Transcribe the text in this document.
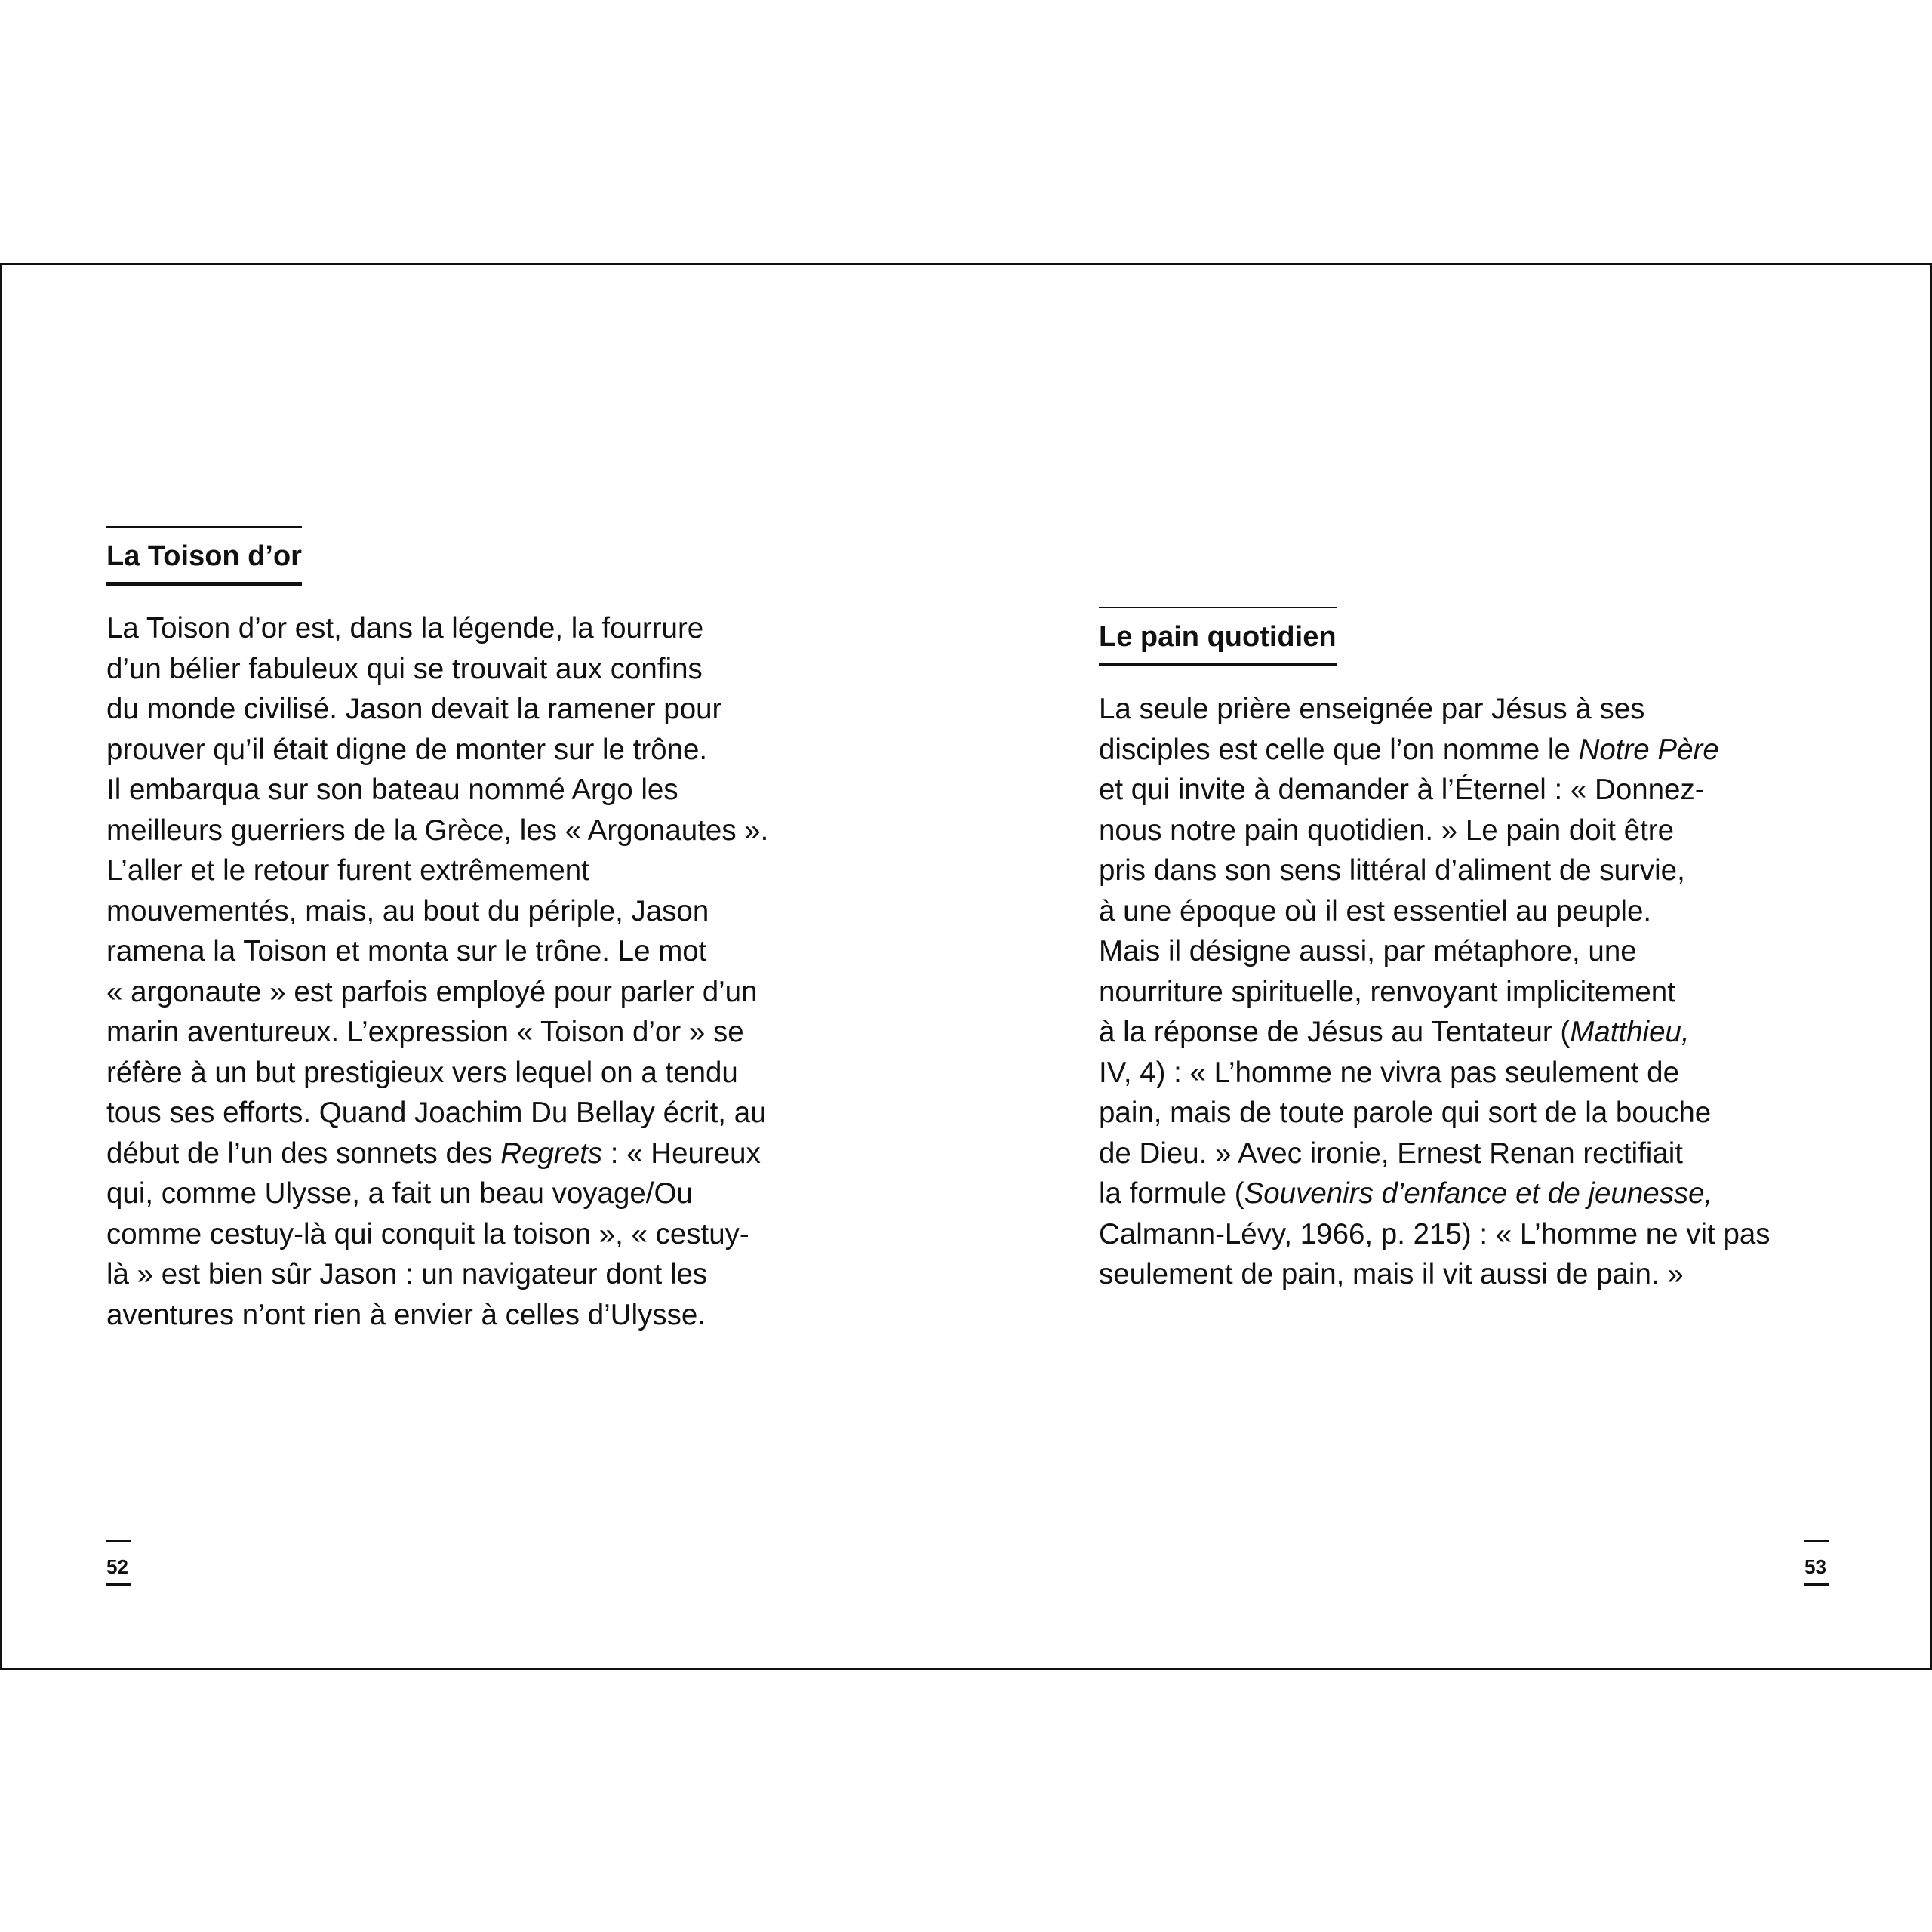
La Toison d’or

La Toison d’or est, dans la légende, la fourrure
d’un bélier fabuleux qui se trouvait aux confins
du monde civilisé. Jason devait la ramener pour
prouver qu’il était digne de monter sur le trône.
Il embarqua sur son bateau nommé Argo les
meilleurs guerriers de la Grèce, les « Argonautes ».
L’aller et le retour furent extrêmement
mouvementés, mais, au bout du périple, Jason
ramena la Toison et monta sur le trône. Le mot
« argonaute » est parfois employé pour parler d’un
marin aventureux. L’expression « Toison d’or » se
réfère à un but prestigieux vers lequel on a tendu
tous ses efforts. Quand Joachim Du Bellay écrit, au
début de l’un des sonnets des Regrets : « Heureux
qui, comme Ulysse, a fait un beau voyage/Ou
comme cestuy-là qui conquit la toison », « cestuy-
là » est bien sûr Jason : un navigateur dont les
aventures n’ont rien à envier à celles d’Ulysse.

52
Le pain quotidien

La seule prière enseignée par Jésus à ses
disciples est celle que l’on nomme le Notre Père
et qui invite à demander à l’Éternel : « Donnez-
nous notre pain quotidien. » Le pain doit être
pris dans son sens littéral d’aliment de survie,
à une époque où il est essentiel au peuple.
Mais il désigne aussi, par métaphore, une
nourriture spirituelle, renvoyant implicitement
à la réponse de Jésus au Tentateur (Matthieu,
IV, 4) : « L’homme ne vivra pas seulement de
pain, mais de toute parole qui sort de la bouche
de Dieu. » Avec ironie, Ernest Renan rectifiait
la formule (Souvenirs d’enfance et de jeunesse,
Calmann-Lévy, 1966, p. 215) : « L’homme ne vit pas
seulement de pain, mais il vit aussi de pain. »

53
